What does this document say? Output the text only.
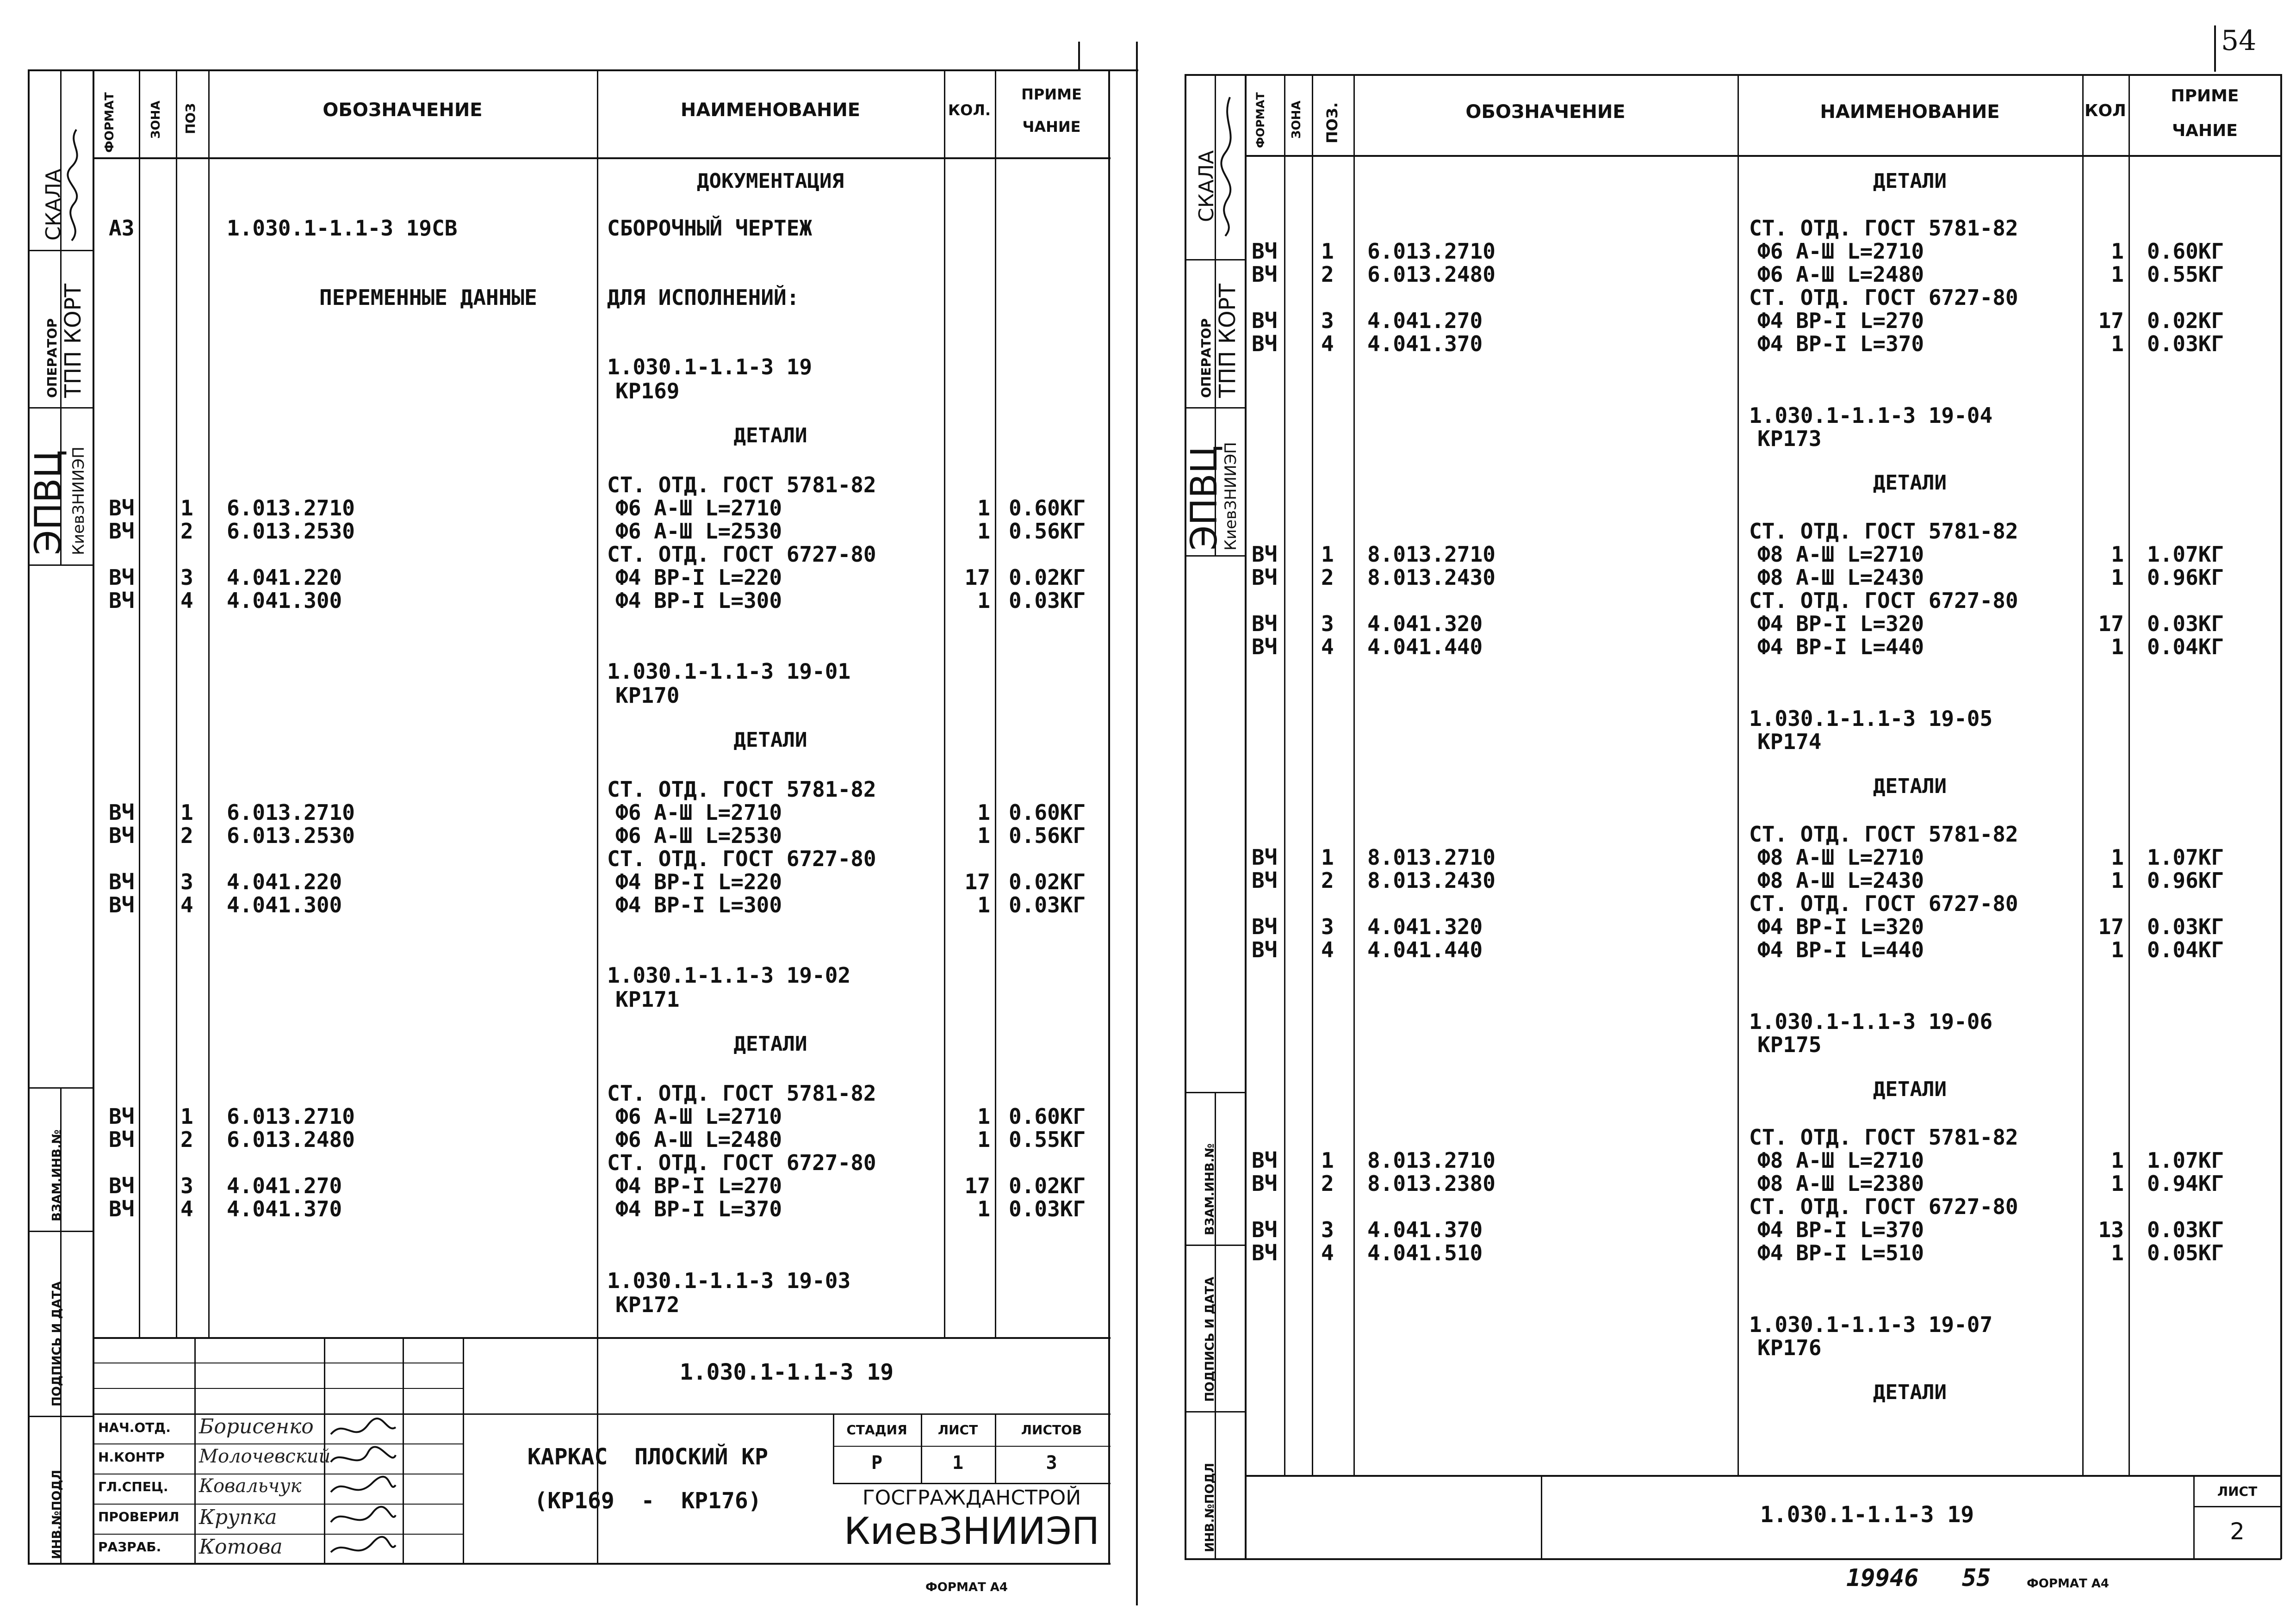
ФОРМАТ	ЗОНА ПОЗ	ОБОЗНАЧЕНИЕ	НАИМЕНОВАНИЕ	КОЛ.
ПРИМЕ
ЧАНИЕ
СКАЛА
ОПЕРАТОР ТПП КОРТ
ЭПВЦ КиевЗНИИЭП
ВЗАМ.ИНВ.№
ПОДПИСЬ И ДАТА
ИНВ.№ПОДЛ
ДОКУМЕНТАЦИЯ
А3	1.030.1-1.1-3 19СВ	СБОРОЧНЫЙ ЧЕРТЕЖ
ПЕРЕМЕННЫЕ ДАННЫЕ	ДЛЯ ИСПОЛНЕНИЙ:
1.030.1-1.1-3 19
КР169
ДЕТАЛИ
СТ. ОТД. ГОСТ 5781-82
ВЧ 1 6.013.2710	Ф6 А-Ш L=2710	1 0.60КГ
ВЧ 2 6.013.2530	Ф6 А-Ш L=2530	1 0.56КГ
СТ. ОТД. ГОСТ 6727-80
ВЧ 3 4.041.220	Ф4 ВР-I L=220	17 0.02КГ
ВЧ 4 4.041.300	Ф4 ВР-I L=300	1 0.03КГ
СТ. ОТД. ГОСТ 5781-82
ВЧ 1 6.013.2710	Ф6 А-Ш L=2710	1 0.60КГ
ВЧ 2 6.013.2530	Ф6 А-Ш L=2530	1 0.56КГ
СТ. ОТД. ГОСТ 6727-80
ВЧ 3 4.041.220	Ф4 ВР-I L=220	17 0.02КГ
ВЧ 4 4.041.300	Ф4 ВР-I L=300	1 0.03КГ
СТ. ОТД. ГОСТ 5781-82
ВЧ 1 6.013.2710	Ф6 А-Ш L=2710	1 0.60КГ
ВЧ 2 6.013.2480	Ф6 А-Ш L=2480	1 0.55КГ
СТ. ОТД. ГОСТ 6727-80
ВЧ 3 4.041.270	Ф4 ВР-I L=270	17 0.02КГ
ВЧ 4 4.041.370	Ф4 ВР-I L=370	1 0.03КГ
1.030.1-1.1-3 19-01
КР170
ДЕТАЛИ
1.030.1-1.1-3 19-02
КР171
ДЕТАЛИ
1.030.1-1.1-3 19-03
КР172
1.030.1-1.1-3 19
НАЧ.ОТД.
Н.КОНТР
ГЛ.СПЕЦ.
ПРОВЕРИЛ
РАЗРАБ.
Борисенко
Молочевский
Ковальчук
Крупка
Котова
КАРКАС  ПЛОСКИЙ КР
(КР169  -  КР176)
СТАДИЯ	ЛИСТ	ЛИСТОВ
Р	1	3
ГОСГРАЖДАНСТРОЙ
КиевЗНИИЭП
ФОРМАТ А4
54
ФОРМАТ ЗОНА ПОЗ.	ОБОЗНАЧЕНИЕ	НАИМЕНОВАНИЕ	КОЛ
ПРИМЕ
ЧАНИЕ
СКАЛА
ОПЕРАТОР ТПП КОРТ
ЭПВЦ
КиевЗНИИЭП
ВЗАМ.ИНВ.№
ПОДПИСЬ И ДАТА
ИНВ.№ПОДЛ
ДЕТАЛИ
СТ. ОТД. ГОСТ 5781-82
ВЧ 1 6.013.2710	Ф6 А-Ш L=2710	1 0.60КГ
ВЧ 2 6.013.2480	Ф6 А-Ш L=2480	1 0.55КГ
СТ. ОТД. ГОСТ 6727-80
ВЧ 3 4.041.270	Ф4 ВР-I L=270	17 0.02КГ
ВЧ 4 4.041.370	Ф4 ВР-I L=370	1 0.03КГ
СТ. ОТД. ГОСТ 5781-82
ВЧ 1 8.013.2710	Ф8 А-Ш L=2710	1 1.07КГ
ВЧ 2 8.013.2430	Ф8 А-Ш L=2430	1 0.96КГ
СТ. ОТД. ГОСТ 6727-80
ВЧ 3 4.041.320	Ф4 ВР-I L=320	17 0.03КГ
ВЧ 4 4.041.440	Ф4 ВР-I L=440	1 0.04КГ
СТ. ОТД. ГОСТ 5781-82
ВЧ 1 8.013.2710	Ф8 А-Ш L=2710	1 1.07КГ
ВЧ 2 8.013.2430	Ф8 А-Ш L=2430	1 0.96КГ
СТ. ОТД. ГОСТ 6727-80
ВЧ 3 4.041.320	Ф4 ВР-I L=320	17 0.03КГ
ВЧ 4 4.041.440	Ф4 ВР-I L=440	1 0.04КГ
СТ. ОТД. ГОСТ 5781-82
ВЧ 1 8.013.2710	Ф8 А-Ш L=2710	1 1.07КГ
ВЧ 2 8.013.2380	Ф8 А-Ш L=2380	1 0.94КГ
СТ. ОТД. ГОСТ 6727-80
ВЧ 3 4.041.370	Ф4 ВР-I L=370	13 0.03КГ
ВЧ 4 4.041.510	Ф4 ВР-I L=510	1 0.05КГ
1.030.1-1.1-3 19-04
КР173
ДЕТАЛИ
1.030.1-1.1-3 19-05
КР174
ДЕТАЛИ
1.030.1-1.1-3 19-06
КР175
ДЕТАЛИ
1.030.1-1.1-3 19-07
КР176
ДЕТАЛИ
1.030.1-1.1-3 19
ЛИСТ
2
19946 55	ФОРМАТ А4
